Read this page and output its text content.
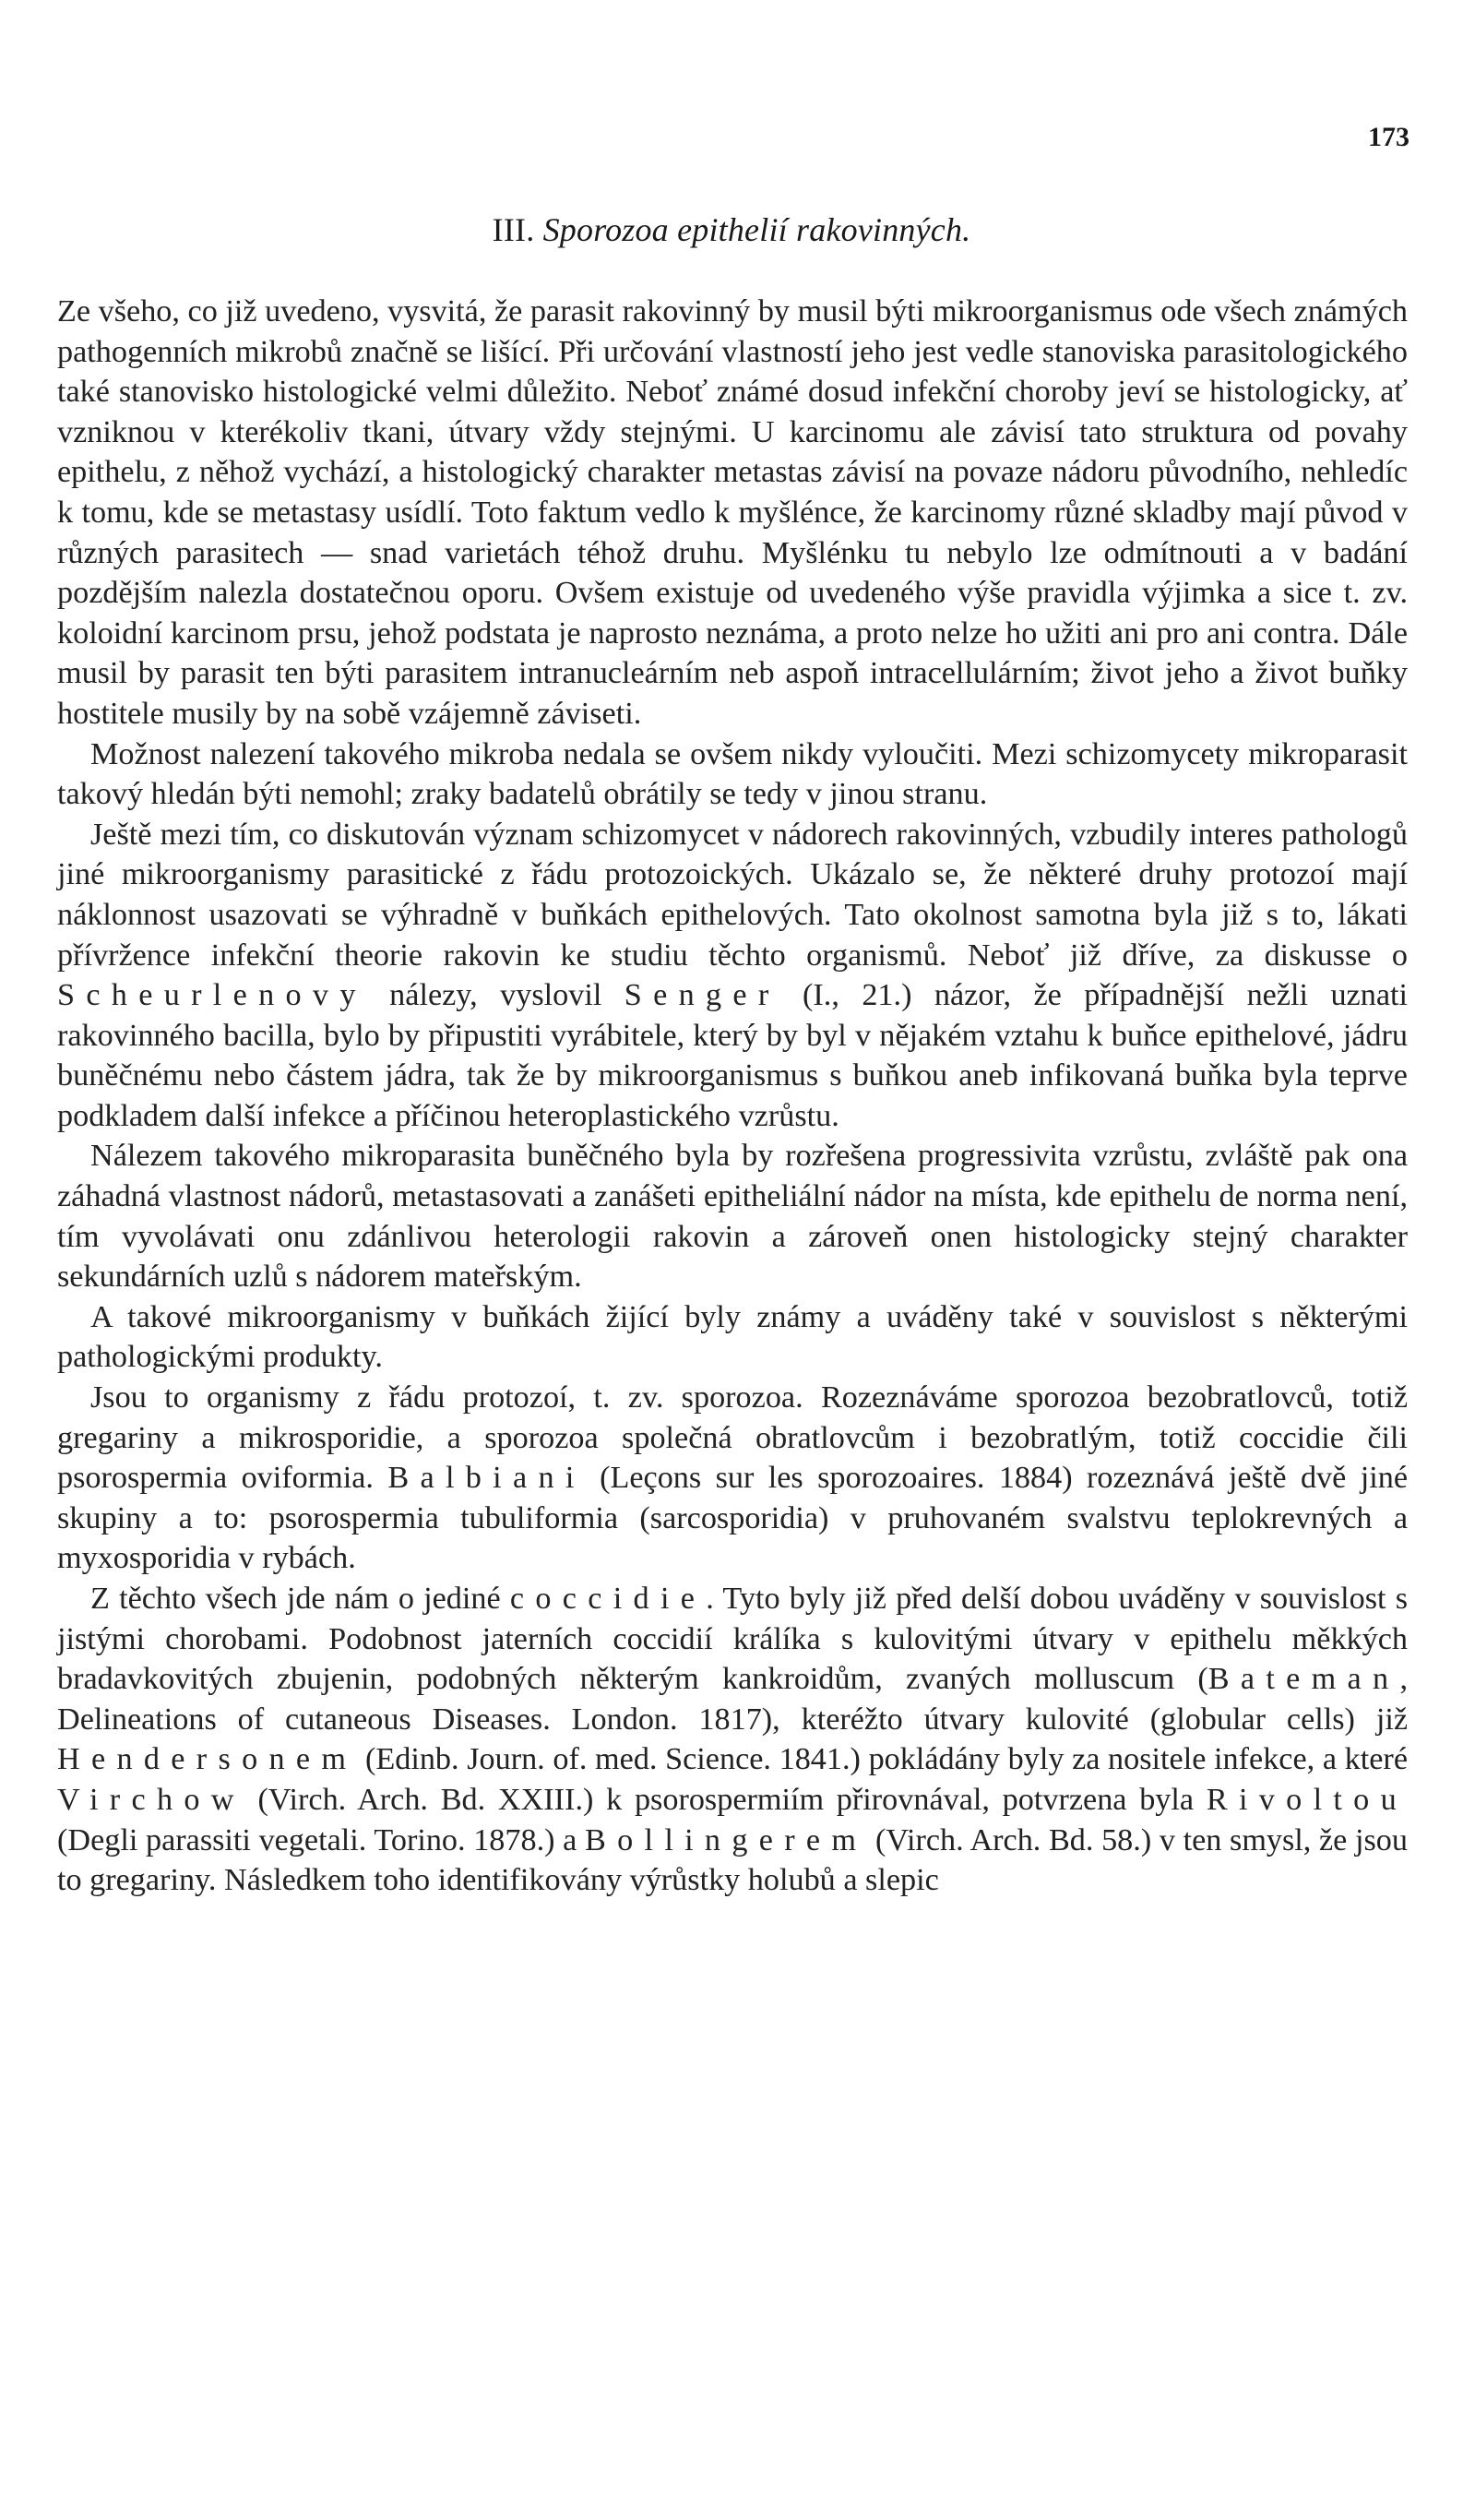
173
III. Sporozoa epithelií rakovinných.

Ze všeho, co již uvedeno, vysvitá, že parasit rakovinný by musil býti mikroorganismus ode všech známých pathogenních mikrobů značně se lišící. Při určování vlastností jeho jest vedle stanoviska parasitologického také stanovisko histologické velmi důležito. Neboť známé dosud infekční choroby jeví se histologicky, ať vzniknou v kterékoliv tkani, útvary vždy stejnými. U karcinomu ale závisí tato struktura od povahy epithelu, z něhož vychází, a histologický charakter metastas závisí na povaze nádoru původního, nehledíc k tomu, kde se metastasy usídlí. Toto faktum vedlo k myšlénce, že karcinomy různé skladby mají původ v různých parasitech — snad varietách téhož druhu. Myšlénku tu nebylo lze odmítnouti a v badání pozdějším nalezla dostatečnou oporu. Ovšem existuje od uvedeného výše pravidla výjimka a sice t. zv. koloidní karcinom prsu, jehož podstata je naprosto neznáma, a proto nelze ho užiti ani pro ani contra. Dále musil by parasit ten býti parasitem intranucleárním neb aspoň intracellulárním; život jeho a život buňky hostitele musily by na sobě vzájemně záviseti.

Možnost nalezení takového mikroba nedala se ovšem nikdy vyloučiti. Mezi schizomycety mikroparasit takový hledán býti nemohl; zraky badatelů obrátily se tedy v jinou stranu.

Ještě mezi tím, co diskutován význam schizomycet v nádorech rakovinných, vzbudily interes pathologů jiné mikroorganismy parasitické z řádu protozoických. Ukázalo se, že některé druhy protozoí mají náklonnost usazovati se výhradně v buňkách epithelových. Tato okolnost samotna byla již s to, lákati přívržence infekční theorie rakovin ke studiu těchto organismů. Neboť již dříve, za diskusse o Scheurlenovy nálezy, vyslovil Senger (I., 21.) názor, že případnější nežli uznati rakovinného bacilla, bylo by připustiti vyrábitele, který by byl v nějakém vztahu k buňce epithelové, jádru buněčnému nebo částem jádra, tak že by mikroorganismus s buňkou aneb infikovaná buňka byla teprve podkladem další infekce a příčinou heteroplastického vzrůstu.

Nálezem takového mikroparasita buněčného byla by rozřešena progressivita vzrůstu, zvláště pak ona záhadná vlastnost nádorů, metastasovati a zanášeti epitheliální nádor na místa, kde epithelu de norma není, tím vyvolávati onu zdánlivou heterologii rakovin a zároveň onen histologicky stejný charakter sekundárních uzlů s nádorem mateřským.

A takové mikroorganismy v buňkách žijící byly známy a uváděny také v souvislost s některými pathologickými produkty.

Jsou to organismy z řádu protozoí, t. zv. sporozoa. Rozeznáváme sporozoa bezobratlovců, totiž gregariny a mikrosporidie, a sporozoa společná obratlovcům i bezobratlým, totiž coccidie čili psorospermia oviformia. Balbiani (Leçons sur les sporozoaires. 1884) rozeznává ještě dvě jiné skupiny a to: psorospermia tubuliformia (sarcosporidia) v pruhovaném svalstvu teplokrevných a myxosporidia v rybách.

Z těchto všech jde nám o jediné coccidie. Tyto byly již před delší dobou uváděny v souvislost s jistými chorobami. Podobnost jaterních coccidií králíka s kulovitými útvary v epithelu měkkých bradavkovitých zbujenin, podobných některým kankroidům, zvaných molluscum (Bateman, Delineations of cutaneous Diseases. London. 1817), kteréžto útvary kulovité (globular cells) již Hendersonem (Edinb. Journ. of. med. Science. 1841.) pokládány byly za nositele infekce, a které Virchow (Virch. Arch. Bd. XXIII.) k psorospermiím přirovnával, potvrzena byla Rivoltou (Degli parassiti vegetali. Torino. 1878.) a Bollingerem (Virch. Arch. Bd. 58.) v ten smysl, že jsou to gregariny. Následkem toho identifikovány výrůstky holubů a slepic
